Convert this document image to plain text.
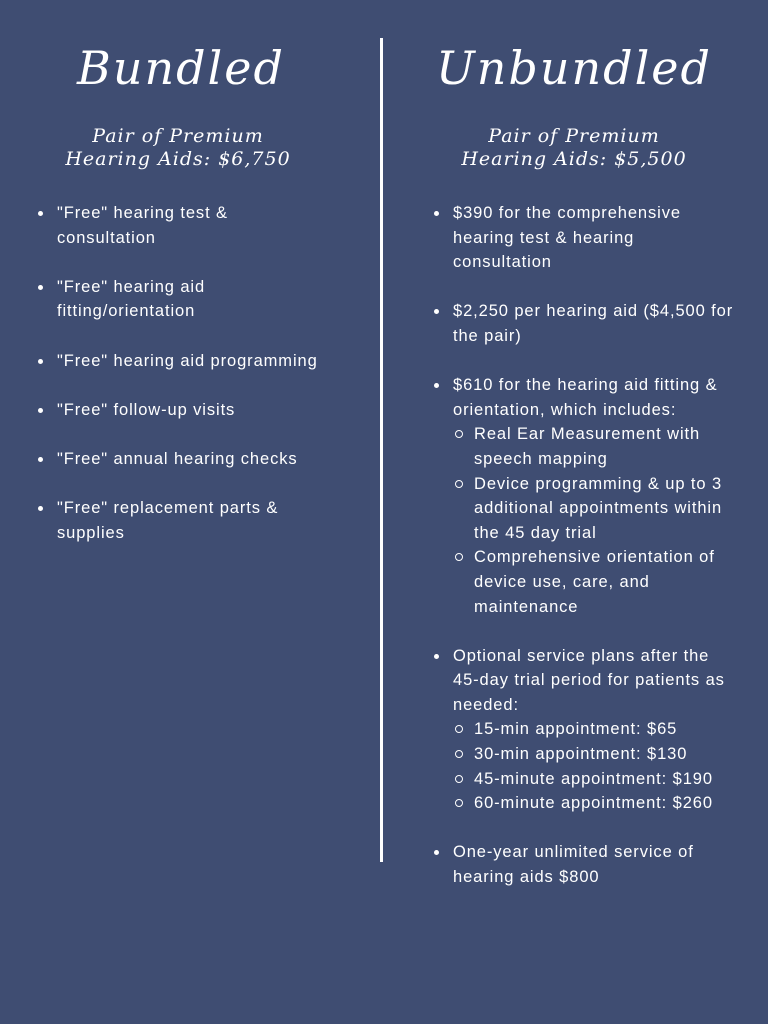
Bundled
Pair of Premium
Hearing Aids: $6,750
"Free" hearing test & consultation
"Free" hearing aid fitting/orientation
"Free" hearing aid programming
"Free" follow-up visits
"Free" annual hearing checks
"Free" replacement parts & supplies
Unbundled
Pair of Premium
Hearing Aids: $5,500
$390 for the comprehensive hearing test & hearing consultation
$2,250 per hearing aid ($4,500 for the pair)
$610 for the hearing aid fitting & orientation, which includes:
Real Ear Measurement with speech mapping
Device programming & up to 3 additional appointments within the 45 day trial
Comprehensive orientation of device use, care, and maintenance
Optional service plans after the 45-day trial period for patients as needed:
15-min appointment: $65
30-min appointment: $130
45-minute appointment: $190
60-minute appointment: $260
One-year unlimited service of hearing aids $800
